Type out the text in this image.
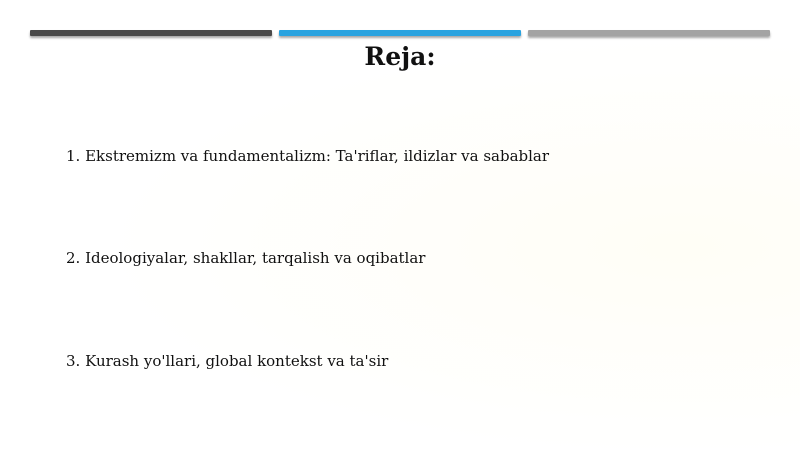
Reja:
1. Ekstremizm va fundamentalizm: Ta'riflar, ildizlar va sabablar
2. Ideologiyalar, shakllar, tarqalish va oqibatlar
3. Kurash yo'llari, global kontekst va ta'sir
